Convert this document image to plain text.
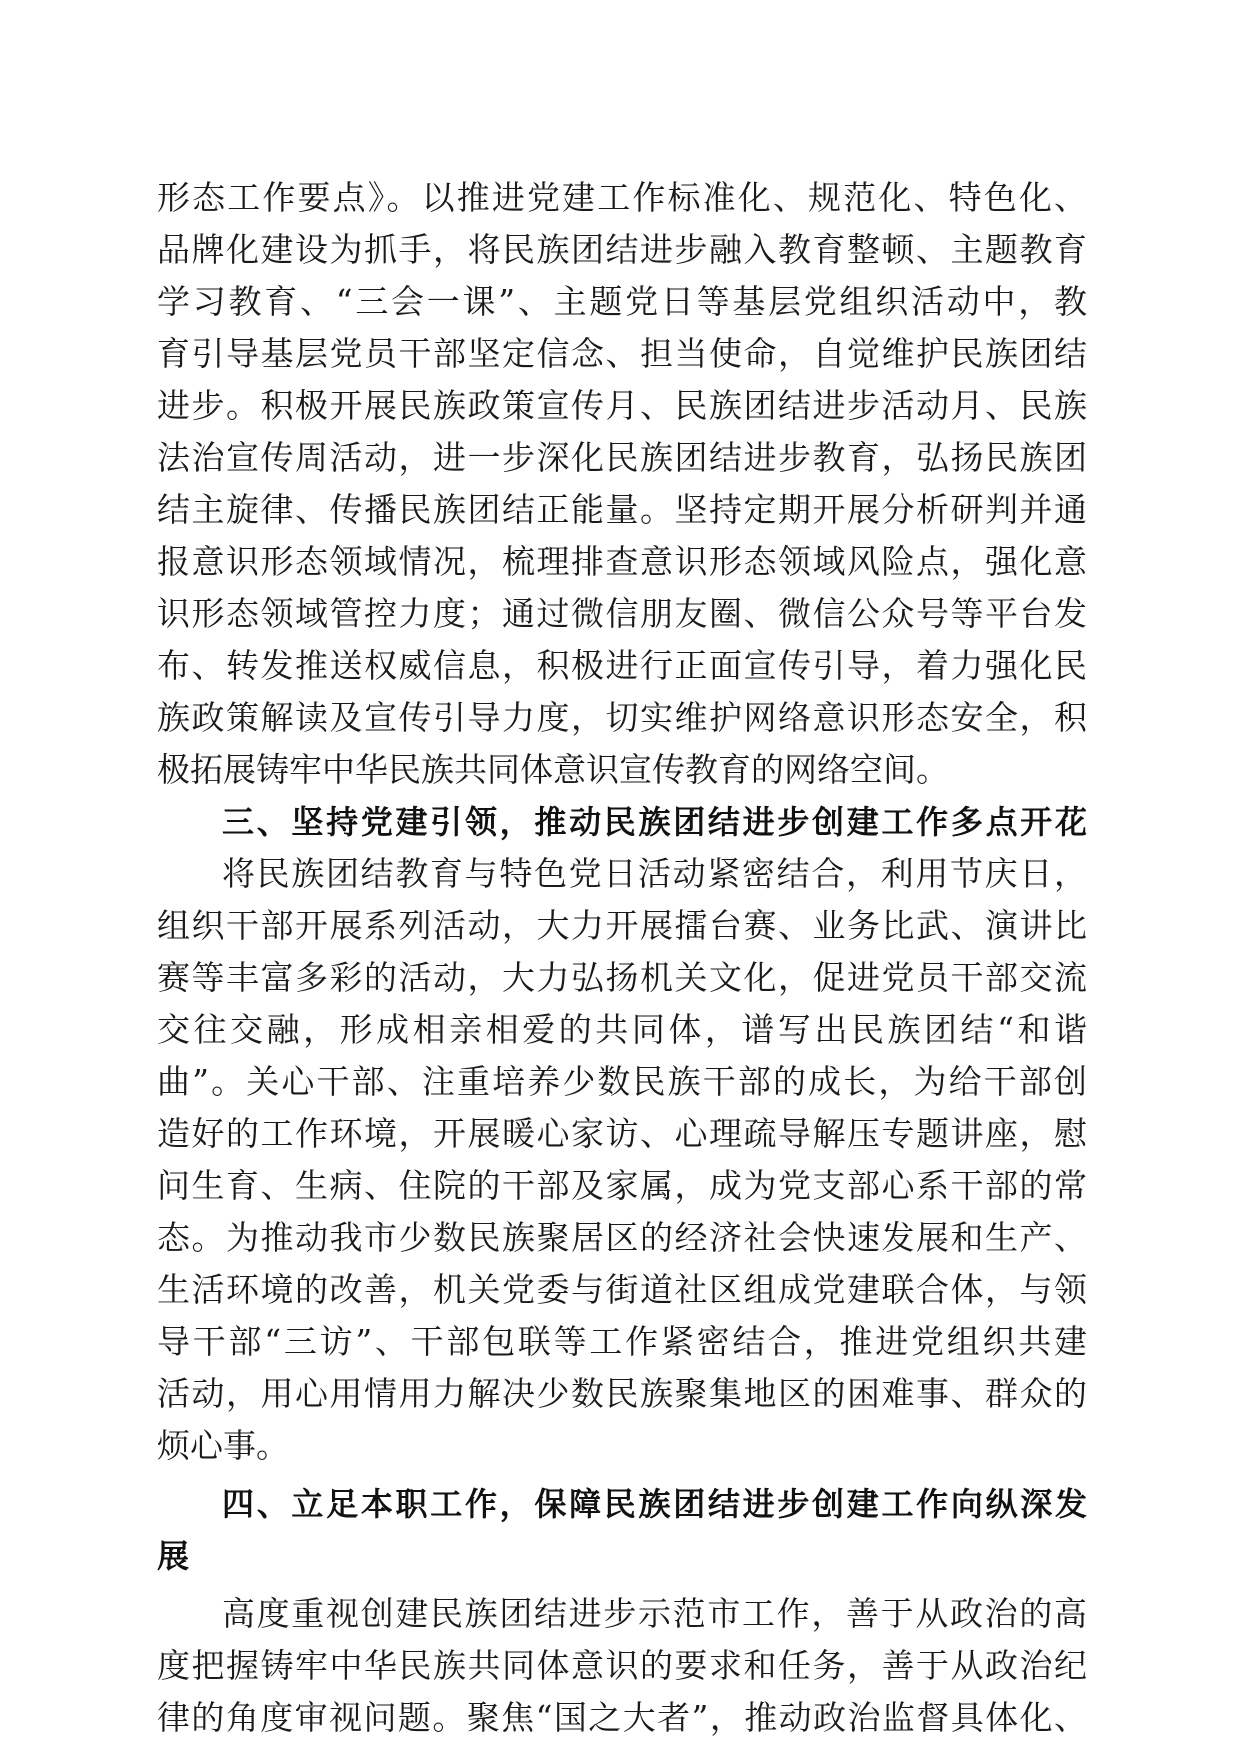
形态工作要点》。以推进党建工作标准化、规范化、特色化、
品牌化建设为抓手，将民族团结进步融入教育整顿、主题教育
学习教育、“三会一课”、主题党日等基层党组织活动中，教
育引导基层党员干部坚定信念、担当使命，自觉维护民族团结
进步。积极开展民族政策宣传月、民族团结进步活动月、民族
法治宣传周活动，进一步深化民族团结进步教育，弘扬民族团
结主旋律、传播民族团结正能量。坚持定期开展分析研判并通
报意识形态领域情况，梳理排查意识形态领域风险点，强化意
识形态领域管控力度；通过微信朋友圈、微信公众号等平台发
布、转发推送权威信息，积极进行正面宣传引导，着力强化民
族政策解读及宣传引导力度，切实维护网络意识形态安全，积
极拓展铸牢中华民族共同体意识宣传教育的网络空间。
三、坚持党建引领，推动民族团结进步创建工作多点开花
将民族团结教育与特色党日活动紧密结合，利用节庆日，
组织干部开展系列活动，大力开展擂台赛、业务比武、演讲比
赛等丰富多彩的活动，大力弘扬机关文化，促进党员干部交流
交往交融，形成相亲相爱的共同体，谱写出民族团结“和谐
曲”。关心干部、注重培养少数民族干部的成长，为给干部创
造好的工作环境，开展暖心家访、心理疏导解压专题讲座，慰
问生育、生病、住院的干部及家属，成为党支部心系干部的常
态。为推动我市少数民族聚居区的经济社会快速发展和生产、
生活环境的改善，机关党委与街道社区组成党建联合体，与领
导干部“三访”、干部包联等工作紧密结合，推进党组织共建
活动，用心用情用力解决少数民族聚集地区的困难事、群众的
烦心事。
四、立足本职工作，保障民族团结进步创建工作向纵深发
展
高度重视创建民族团结进步示范市工作，善于从政治的高
度把握铸牢中华民族共同体意识的要求和任务，善于从政治纪
律的角度审视问题。聚焦“国之大者”，推动政治监督具体化、
